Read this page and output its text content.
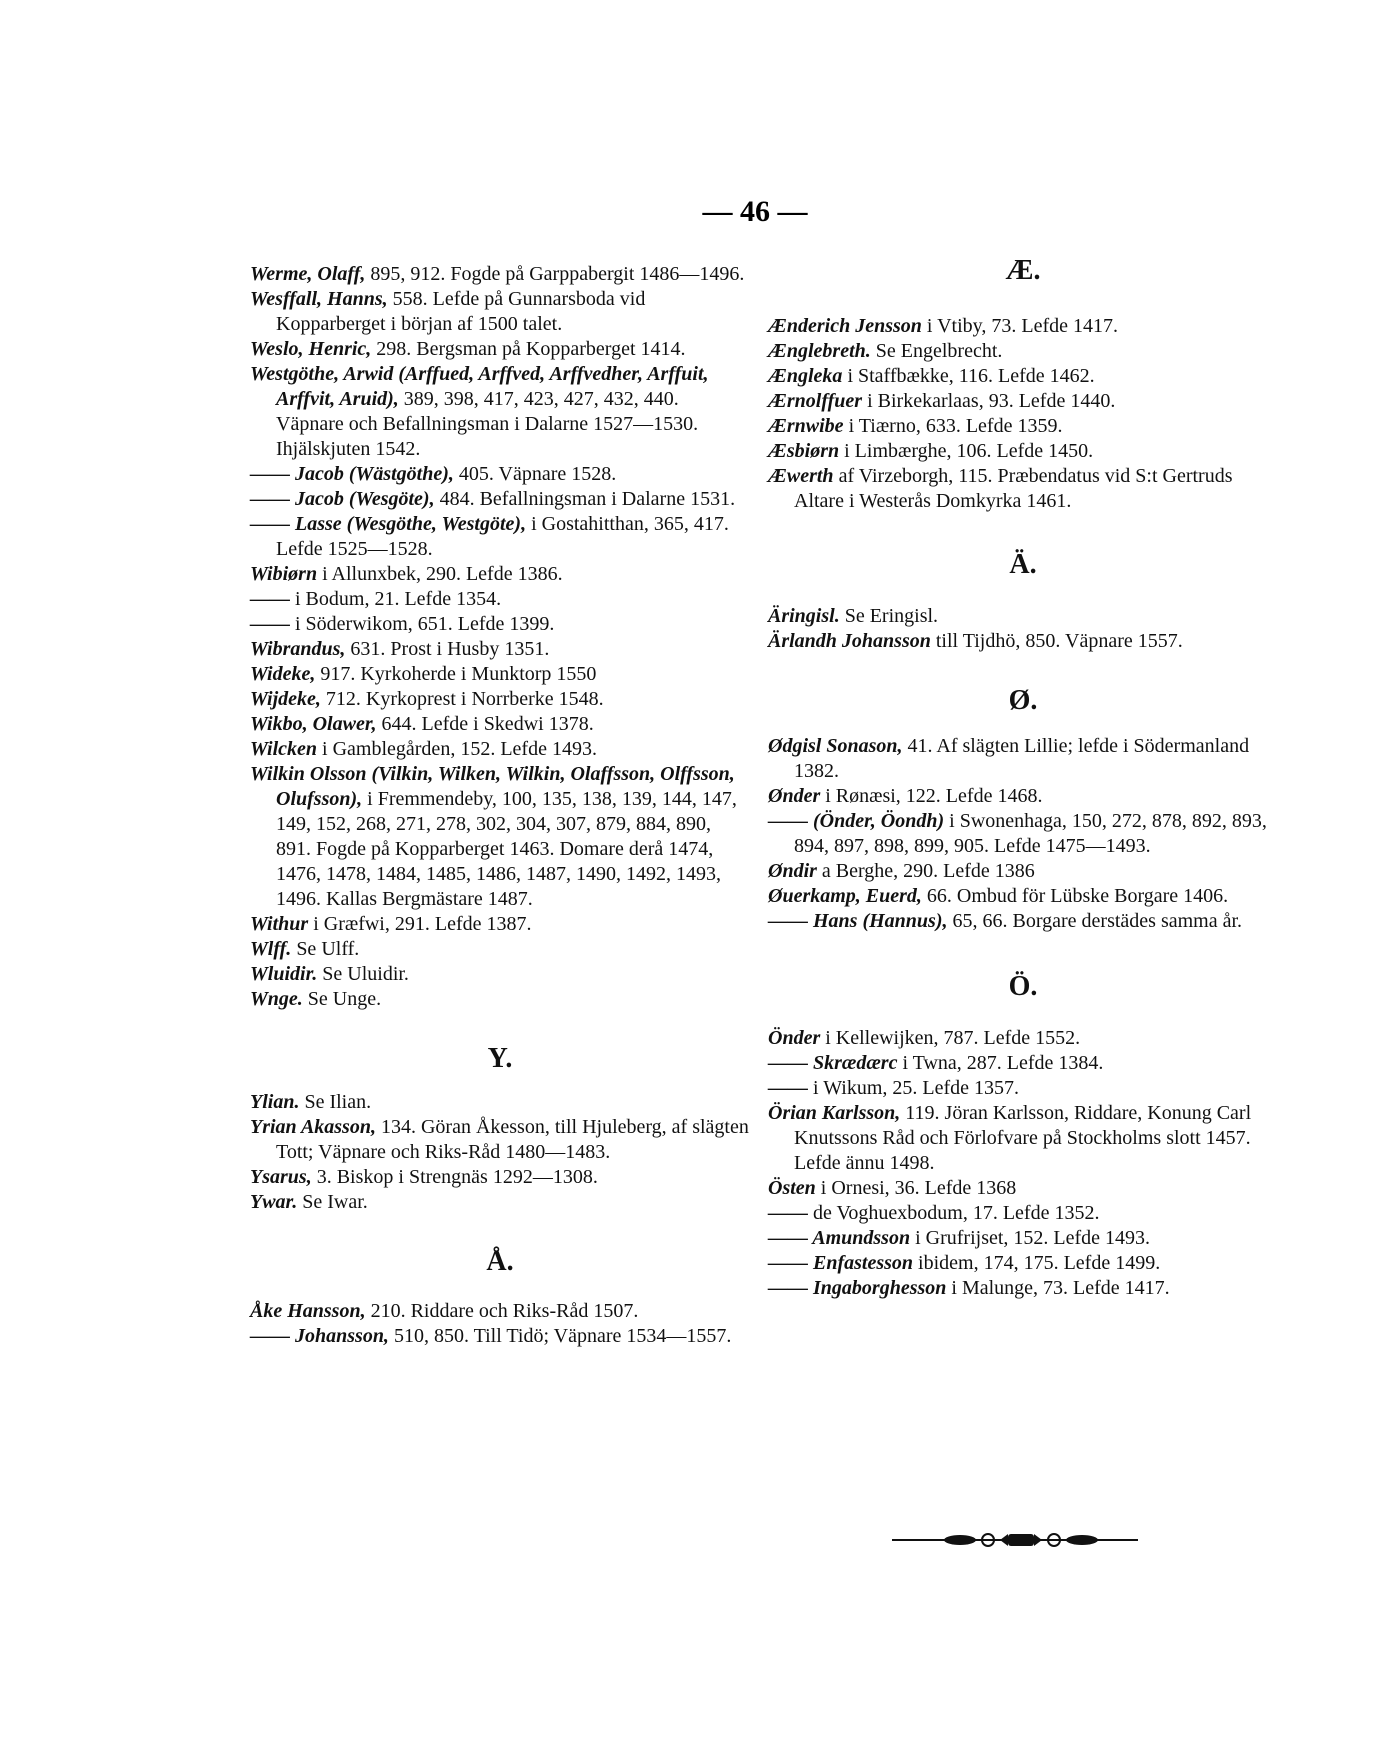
— 46 —

Werme, Olaff, 895, 912. Fogde på Garppabergit 1486—1496.

Wesffall, Hanns, 558. Lefde på Gunnarsboda vid Kopparberget i början af 1500 talet.

Weslo, Henric, 298. Bergsman på Kopparberget 1414.

Westgöthe, Arwid (Arffued, Arffved, Arffvedher, Arffuit, Arffvit, Aruid), 389, 398, 417, 423, 427, 432, 440. Väpnare och Befallningsman i Dalarne 1527—1530. Ihjälskjuten 1542.

—— Jacob (Wästgöthe), 405. Väpnare 1528.

—— Jacob (Wesgöte), 484. Befallningsman i Dalarne 1531.

—— Lasse (Wesgöthe, Westgöte), i Gostahitthan, 365, 417. Lefde 1525—1528.

Wibiørn i Allunxbek, 290. Lefde 1386.

—— i Bodum, 21. Lefde 1354.

—— i Söderwikom, 651. Lefde 1399.

Wibrandus, 631. Prost i Husby 1351.

Wideke, 917. Kyrkoherde i Munktorp 1550

Wijdeke, 712. Kyrkoprest i Norrberke 1548.

Wikbo, Olawer, 644. Lefde i Skedwi 1378.

Wilcken i Gamblegården, 152. Lefde 1493.

Wilkin Olsson (Vilkin, Wilken, Wilkin, Olaffsson, Olffsson, Olufsson), i Fremmendeby, 100, 135, 138, 139, 144, 147, 149, 152, 268, 271, 278, 302, 304, 307, 879, 884, 890, 891. Fogde på Kopparberget 1463. Domare derå 1474, 1476, 1478, 1484, 1485, 1486, 1487, 1490, 1492, 1493, 1496. Kallas Bergmästare 1487.

Withur i Græfwi, 291. Lefde 1387.

Wlff. Se Ulff.

Wluidir. Se Uluidir.

Wnge. Se Unge.

Y.

Ylian. Se Ilian.

Yrian Akasson, 134. Göran Åkesson, till Hjuleberg, af slägten Tott; Väpnare och Riks-Råd 1480—1483.

Ysarus, 3. Biskop i Strengnäs 1292—1308.

Ywar. Se Iwar.

Å.

Åke Hansson, 210. Riddare och Riks-Råd 1507.

—— Johansson, 510, 850. Till Tidö; Väpnare 1534—1557.

Æ.

Ænderich Jensson i Vtiby, 73. Lefde 1417.

Ænglebreth. Se Engelbrecht.

Ængleka i Staffbække, 116. Lefde 1462.

Ærnolffuer i Birkekarlaas, 93. Lefde 1440.

Ærnwibe i Tiærno, 633. Lefde 1359.

Æsbiørn i Limbærghe, 106. Lefde 1450.

Æwerth af Virzeborgh, 115. Præbendatus vid S:t Gertruds Altare i Westerås Domkyrka 1461.

Ä.

Äringisl. Se Eringisl.

Ärlandh Johansson till Tijdhö, 850. Väpnare 1557.

Ø.

Ødgisl Sonason, 41. Af slägten Lillie; lefde i Södermanland 1382.

Ønder i Rønæsi, 122. Lefde 1468.

—— (Önder, Öondh) i Swonenhaga, 150, 272, 878, 892, 893, 894, 897, 898, 899, 905. Lefde 1475—1493.

Øndir a Berghe, 290. Lefde 1386

Øuerkamp, Euerd, 66. Ombud för Lübske Borgare 1406.

—— Hans (Hannus), 65, 66. Borgare derstädes samma år.

Ö.

Önder i Kellewijken, 787. Lefde 1552.

—— Skrædærc i Twna, 287. Lefde 1384.

—— i Wikum, 25. Lefde 1357.

Örian Karlsson, 119. Jöran Karlsson, Riddare, Konung Carl Knutssons Råd och Förlofvare på Stockholms slott 1457. Lefde ännu 1498.

Östen i Ornesi, 36. Lefde 1368

—— de Voghuexbodum, 17. Lefde 1352.

—— Amundsson i Grufrijset, 152. Lefde 1493.

—— Enfastesson ibidem, 174, 175. Lefde 1499.

—— Ingaborghesson i Malunge, 73. Lefde 1417.
